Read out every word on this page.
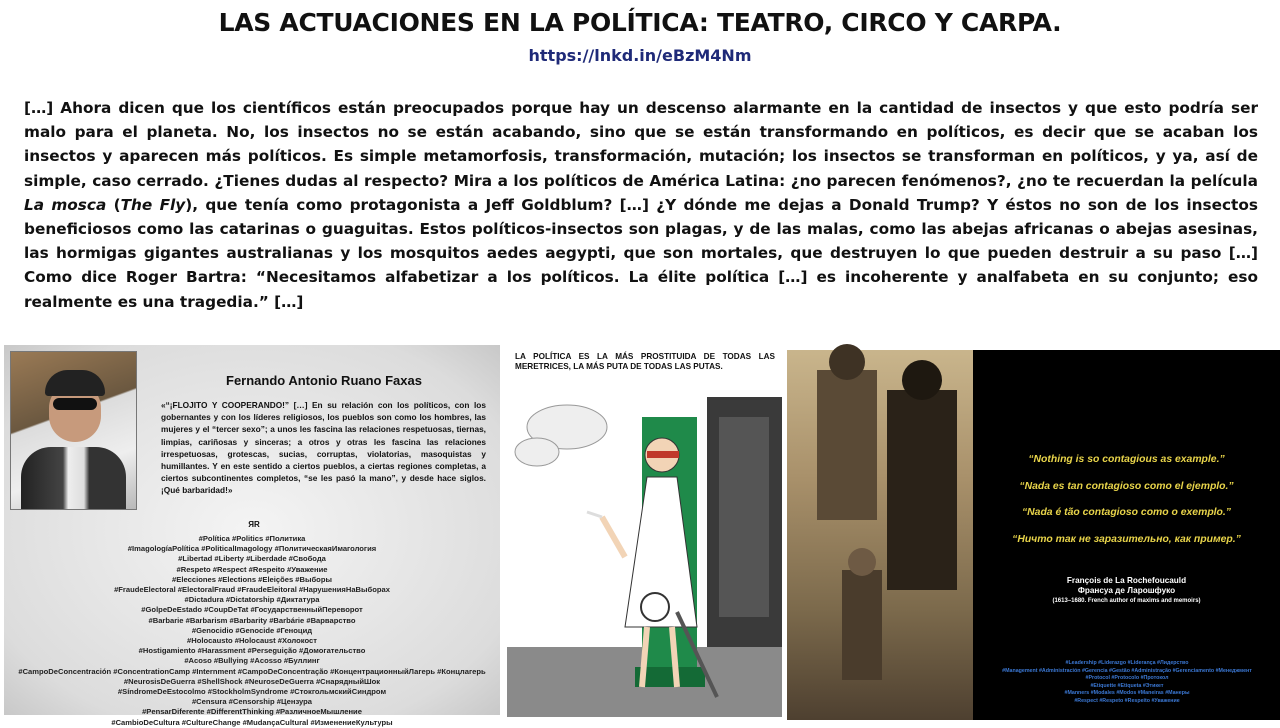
LAS ACTUACIONES EN LA POLÍTICA: TEATRO, CIRCO Y CARPA.
https://lnkd.in/eBzM4Nm

[…] Ahora dicen que los científicos están preocupados porque hay un descenso alarmante en la cantidad de insectos y que esto podría ser malo para el planeta. No, los insectos no se están acabando, sino que se están transformando en políticos, es decir que se acaban los insectos y aparecen más políticos. Es simple metamorfosis, transformación, mutación; los insectos se transforman en políticos, y ya, así de simple, caso cerrado. ¿Tienes dudas al respecto? Mira a los políticos de América Latina: ¿no parecen fenómenos?, ¿no te recuerdan la película La mosca (The Fly), que tenía como protagonista a Jeff Goldblum? […] ¿Y dónde me dejas a Donald Trump? Y éstos no son de los insectos beneficiosos como las catarinas o guaguitas. Estos políticos-insectos son plagas, y de las malas, como las abejas africanas o abejas asesinas, las hormigas gigantes australianas y los mosquitos aedes aegypti, que son mortales, que destruyen lo que pueden destruir a su paso […] Como dice Roger Bartra: “Necesitamos alfabetizar a los políticos. La élite política […] es incoherente y analfabeta en su conjunto; eso realmente es una tragedia.” […]

Fernando Antonio Ruano Faxas

«“¡FLOJITO Y COOPERANDO!” […] En su relación con los políticos, con los gobernantes y con los líderes religiosos, los pueblos son como los hombres, las mujeres y el “tercer sexo”; a unos les fascina las relaciones respetuosas, tiernas, limpias, cariñosas y sinceras; a otros y otras les fascina las relaciones irrespetuosas, grotescas, sucias, corruptas, violatorias, masoquistas y humillantes. Y en este sentido a ciertos pueblos, a ciertas regiones completas, a ciertos subcontinentes completos, “se les pasó la mano”, y desde hace siglos. ¡Qué barbaridad!»

ЯR
#Política #Politics #Политика
#ImagologíaPolítica #PoliticalImagology #ПолитическаяИмагология
#Libertad #Liberty #Liberdade #Свобода
#Respeto #Respect #Respeito #Уважение
#Elecciones #Elections #Eleições #Выборы
#FraudeElectoral #ElectoralFraud #FraudeEleitoral #НарушенияНаВыборах
#Dictadura #Dictatorship #Диктатура
#GolpeDeEstado #CoupDeTat #ГосударственныйПереворот
#Barbarie #Barbarism #Barbarity #Barbárie #Варварство
#Genocidio #Genocide #Геноцид
#Holocausto #Holocaust #Холокост
#Hostigamiento #Harassment #Perseguição #Домогательство
#Acoso #Bullying #Acosso #Буллинг
#CampoDeConcentración #ConcentrationCamp #Internment #CampoDeConcentração #КонцентрационныйЛагерь #Концлагерь
#NeurosisDeGuerra #ShellShock #NeuroseDeGuerra #СнарядныйШок
#SíndromeDeEstocolmo #StockholmSyndrome #СтокгольмскийСиндром
#Censura #Censorship #Цензура
#PensarDiferente #DifferentThinking #РазличноеМышление
#CambioDeCultura #CultureChange #MudançaCultural #ИзменениеКультуры

LA POLÍTICA ES LA MÁS PROSTITUIDA DE TODAS LAS MERETRICES, LA MÁS PUTA DE TODAS LAS PUTAS.

“Nothing is so contagious as example.”
“Nada es tan contagioso como el ejemplo.”
“Nada é tão contagioso como o exemplo.”
“Ничто так не заразительно, как пример.”
François de La Rochefoucauld
Франсуа де Ларошфуко
(1613–1680. French author of maxims and memoirs)
#Leadership #Liderazgo #Liderança #Лидерство
#Management #Administración #Gerencia #Gestão #Administração #Gerenciamento #Менеджмент
#Protocol #Protocolo #Протокол
#Etiquette #Etiqueta #Этикет
#Manners #Modales #Modos #Maneiras #Манеры
#Respect #Respeto #Respeito #Уважение
